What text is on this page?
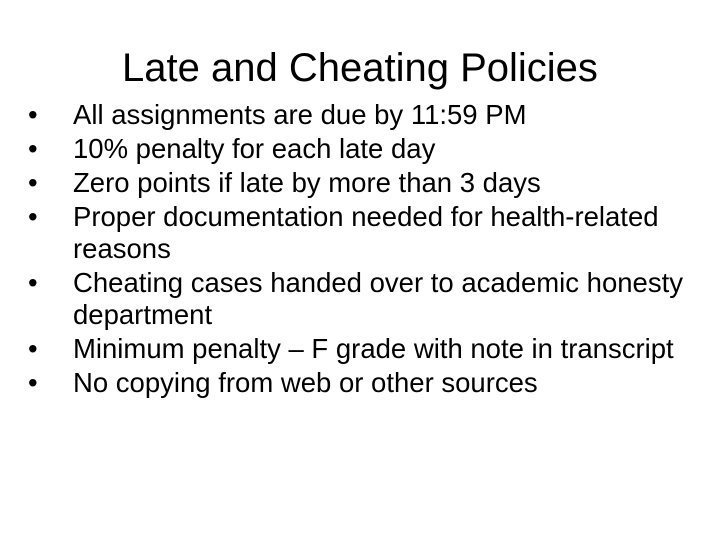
Late and Cheating Policies
•	All assignments are due by 11:59 PM
•	10% penalty for each late day
•	Zero points if late by more than 3 days
•	Proper documentation needed for health-related reasons
•	Cheating cases handed over to academic honesty department
•	Minimum penalty – F grade with note in transcript
•	No copying from web or other sources
